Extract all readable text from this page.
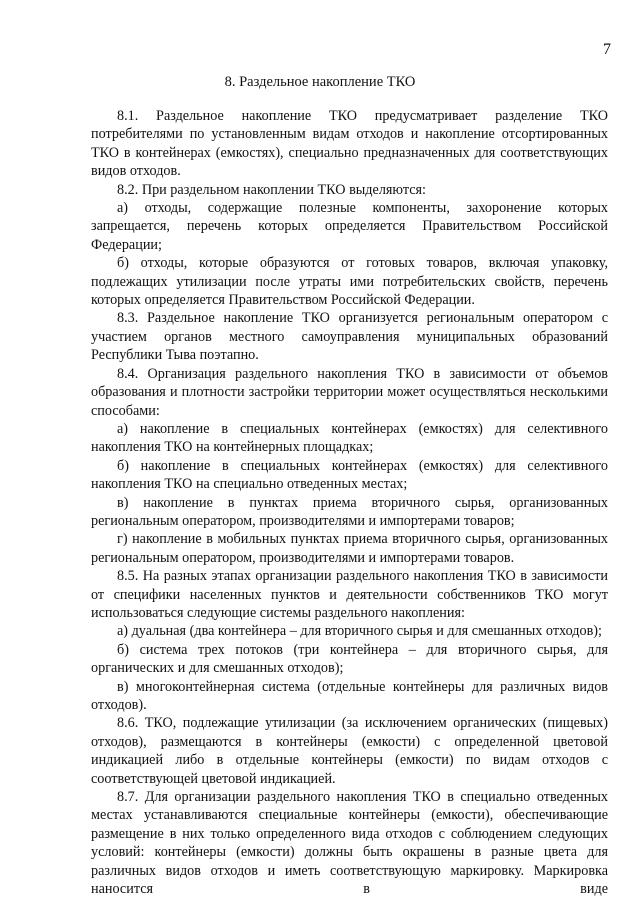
7
8. Раздельное накопление ТКО

8.1. Раздельное накопление ТКО предусматривает разделение ТКО потребителями по установленным видам отходов и накопление отсортированных ТКО в контейнерах (емкостях), специально предназначенных для соответствующих видов отходов.

8.2. При раздельном накоплении ТКО выделяются:

а) отходы, содержащие полезные компоненты, захоронение которых запрещается, перечень которых определяется Правительством Российской Федерации;

б) отходы, которые образуются от готовых товаров, включая упаковку, подлежащих утилизации после утраты ими потребительских свойств, перечень которых определяется Правительством Российской Федерации.

8.3. Раздельное накопление ТКО организуется региональным оператором с участием органов местного самоуправления муниципальных образований Республики Тыва поэтапно.

8.4. Организация раздельного накопления ТКО в зависимости от объемов образования и плотности застройки территории может осуществляться несколькими способами:

а) накопление в специальных контейнерах (емкостях) для селективного накопления ТКО на контейнерных площадках;

б) накопление в специальных контейнерах (емкостях) для селективного накопления ТКО на специально отведенных местах;

в) накопление в пунктах приема вторичного сырья, организованных региональным оператором, производителями и импортерами товаров;

г) накопление в мобильных пунктах приема вторичного сырья, организованных региональным оператором, производителями и импортерами товаров.

8.5. На разных этапах организации раздельного накопления ТКО в зависимости от специфики населенных пунктов и деятельности собственников ТКО могут использоваться следующие системы раздельного накопления:

а) дуальная (два контейнера – для вторичного сырья и для смешанных отходов);

б) система трех потоков (три контейнера – для вторичного сырья, для органических и для смешанных отходов);

в) многоконтейнерная система (отдельные контейнеры для различных видов отходов).

8.6. ТКО, подлежащие утилизации (за исключением органических (пищевых) отходов), размещаются в контейнеры (емкости) с определенной цветовой индикацией либо в отдельные контейнеры (емкости) по видам отходов с соответствующей цветовой индикацией.

8.7. Для организации раздельного накопления ТКО в специально отведенных местах устанавливаются специальные контейнеры (емкости), обеспечивающие размещение в них только определенного вида отходов с соблюдением следующих условий: контейнеры (емкости) должны быть окрашены в разные цвета для различных видов отходов и иметь соответствующую маркировку. Маркировка наносится в виде
